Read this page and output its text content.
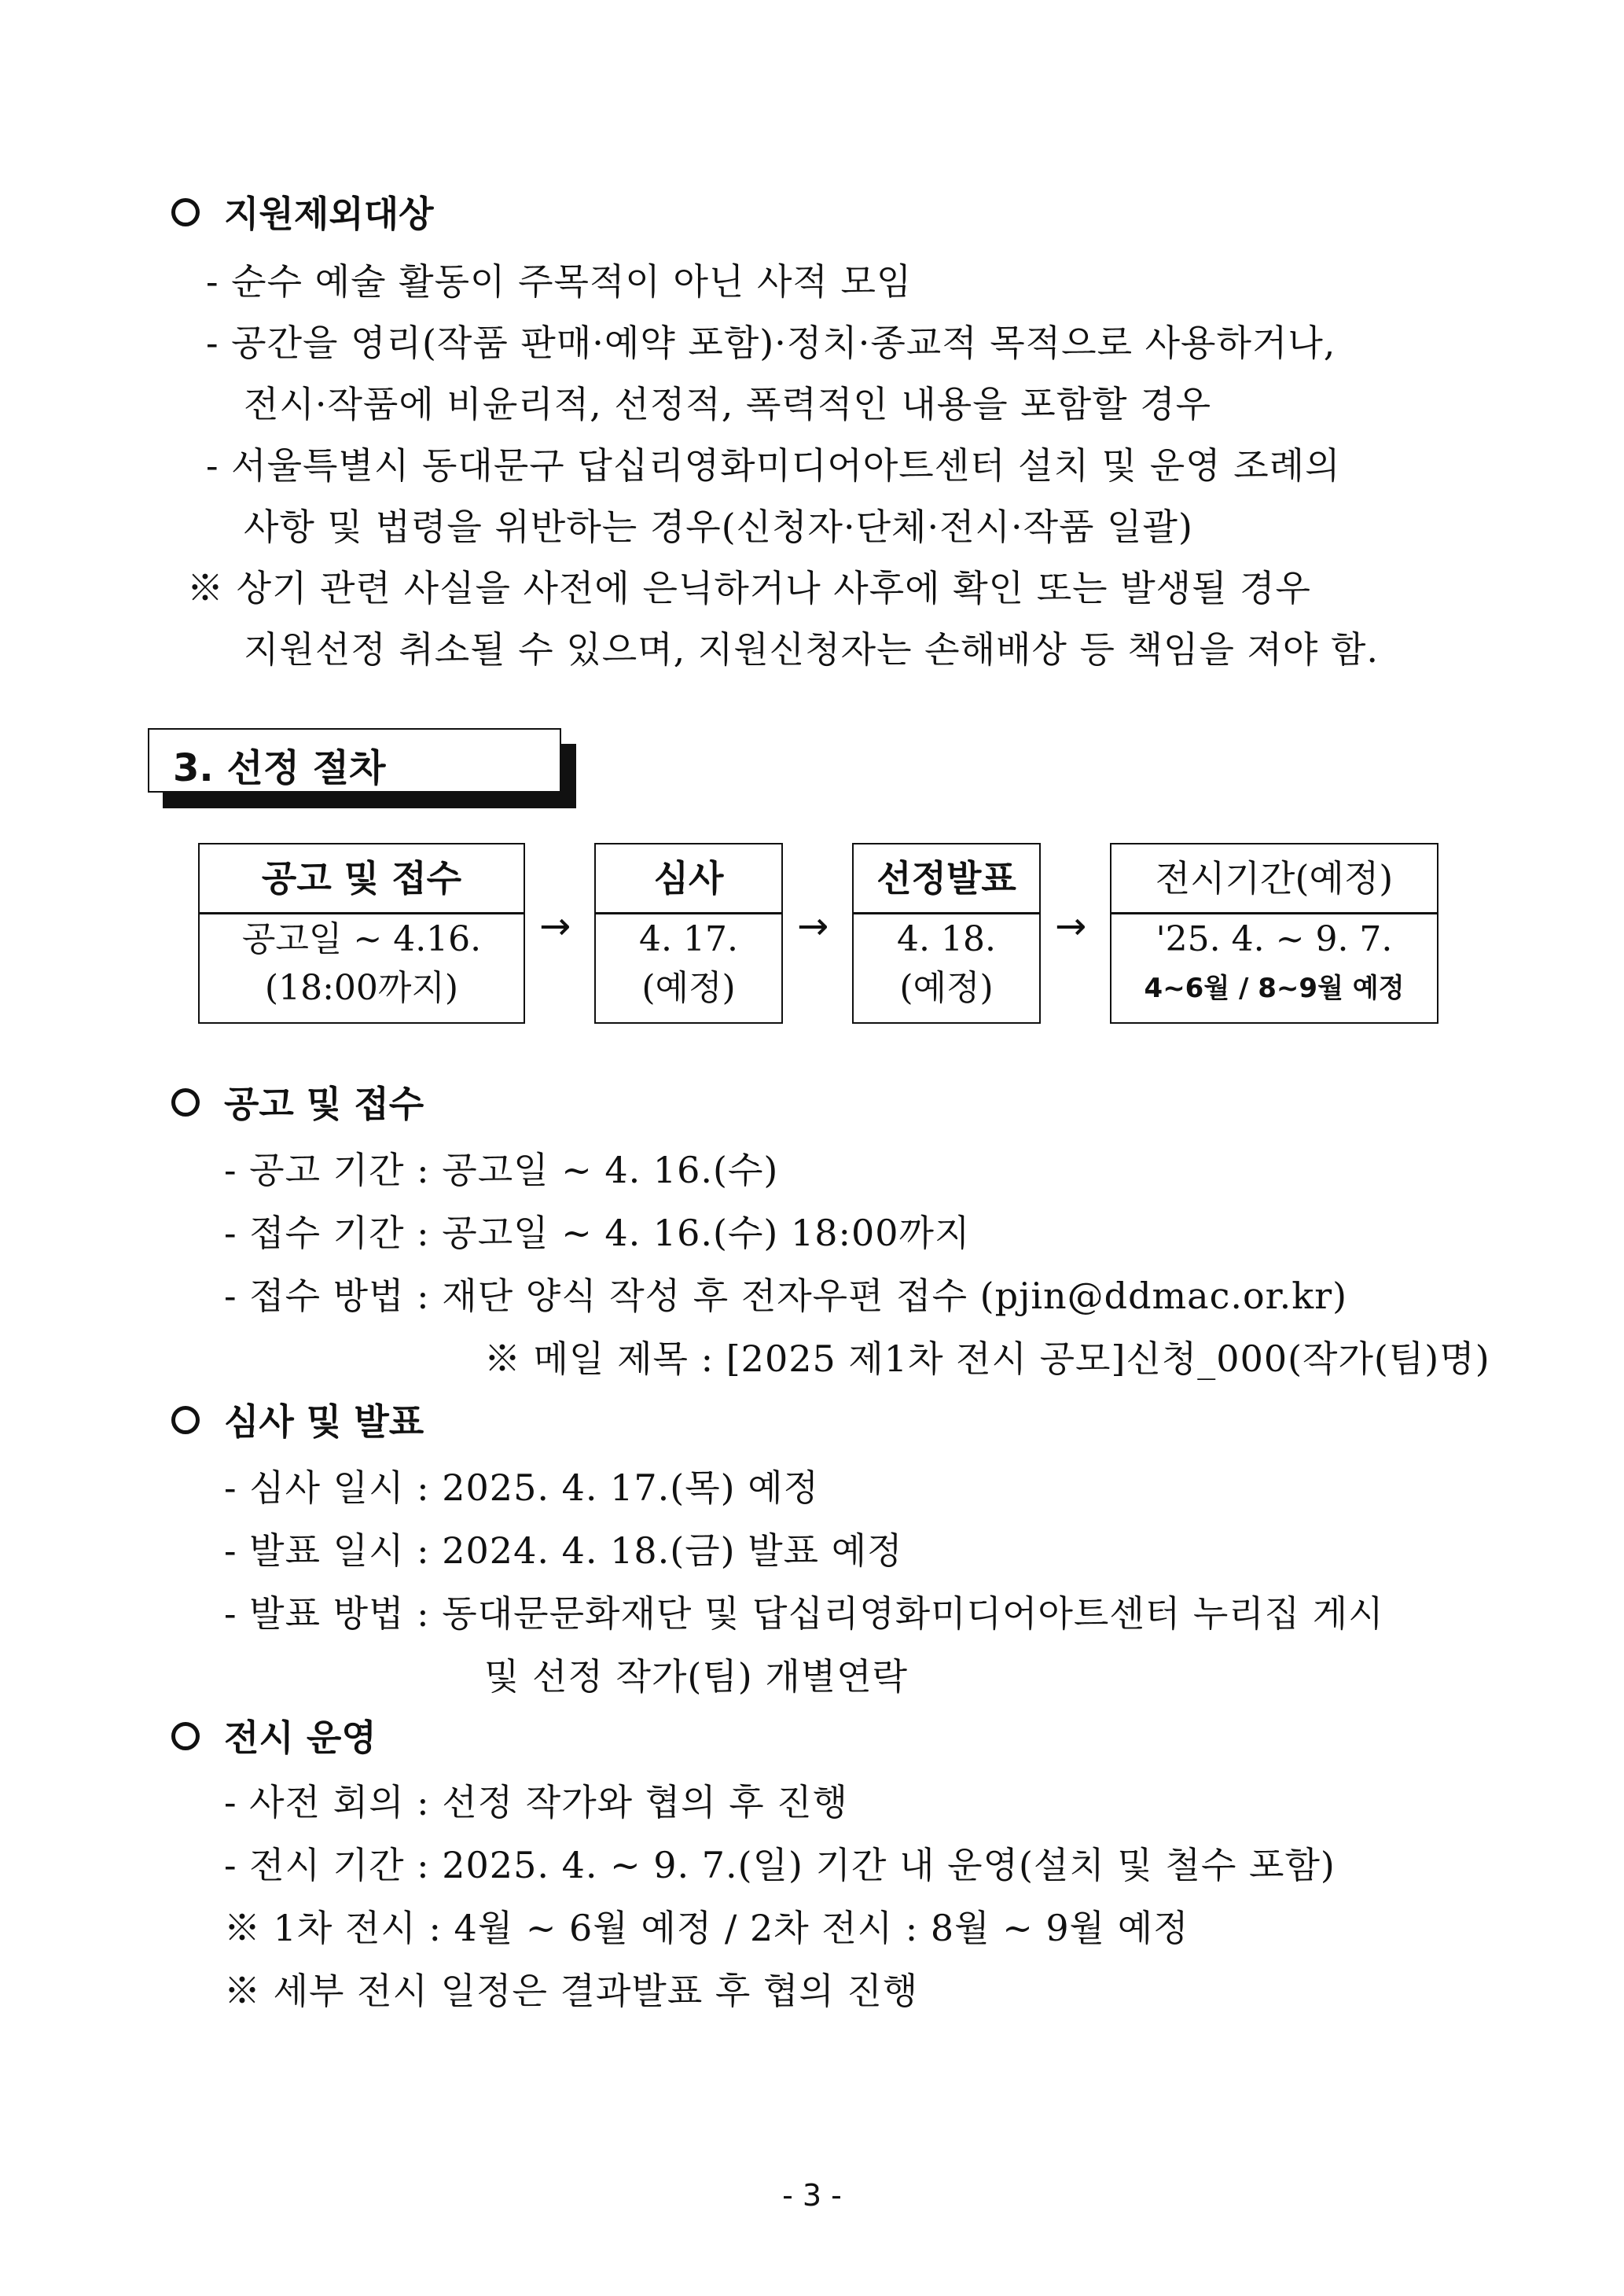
지원제외대상
- 순수 예술 활동이 주목적이 아닌 사적 모임
- 공간을 영리(작품 판매·예약 포함)·정치·종교적 목적으로 사용하거나,
전시·작품에 비윤리적, 선정적, 폭력적인 내용을 포함할 경우
- 서울특별시 동대문구 답십리영화미디어아트센터 설치 및 운영 조례의
사항 및 법령을 위반하는 경우(신청자·단체·전시·작품 일괄)
※ 상기 관련 사실을 사전에 은닉하거나 사후에 확인 또는 발생될 경우
지원선정 취소될 수 있으며, 지원신청자는 손해배상 등 책임을 져야 함.
3. 선정 절차
공고 및 접수
공고일 ~ 4.16.
(18:00까지)
→
심사
4. 17.
(예정)
→
선정발표
4. 18.
(예정)
→
전시기간(예정)
'25. 4. ~ 9. 7.
4~6월 / 8~9월 예정
공고 및 접수
- 공고 기간 : 공고일 ~ 4. 16.(수)
- 접수 기간 : 공고일 ~ 4. 16.(수) 18:00까지
- 접수 방법 : 재단 양식 작성 후 전자우편 접수 (pjin@ddmac.or.kr)
※ 메일 제목 : [2025 제1차 전시 공모]신청_000(작가(팀)명)
심사 및 발표
- 심사 일시 : 2025. 4. 17.(목) 예정
- 발표 일시 : 2024. 4. 18.(금) 발표 예정
- 발표 방법 : 동대문문화재단 및 답십리영화미디어아트센터 누리집 게시
및 선정 작가(팀) 개별연락
전시 운영
- 사전 회의 : 선정 작가와 협의 후 진행
- 전시 기간 : 2025. 4. ~ 9. 7.(일) 기간 내 운영(설치 및 철수 포함)
※ 1차 전시 : 4월 ~ 6월 예정 / 2차 전시 : 8월 ~ 9월 예정
※ 세부 전시 일정은 결과발표 후 협의 진행
- 3 -
